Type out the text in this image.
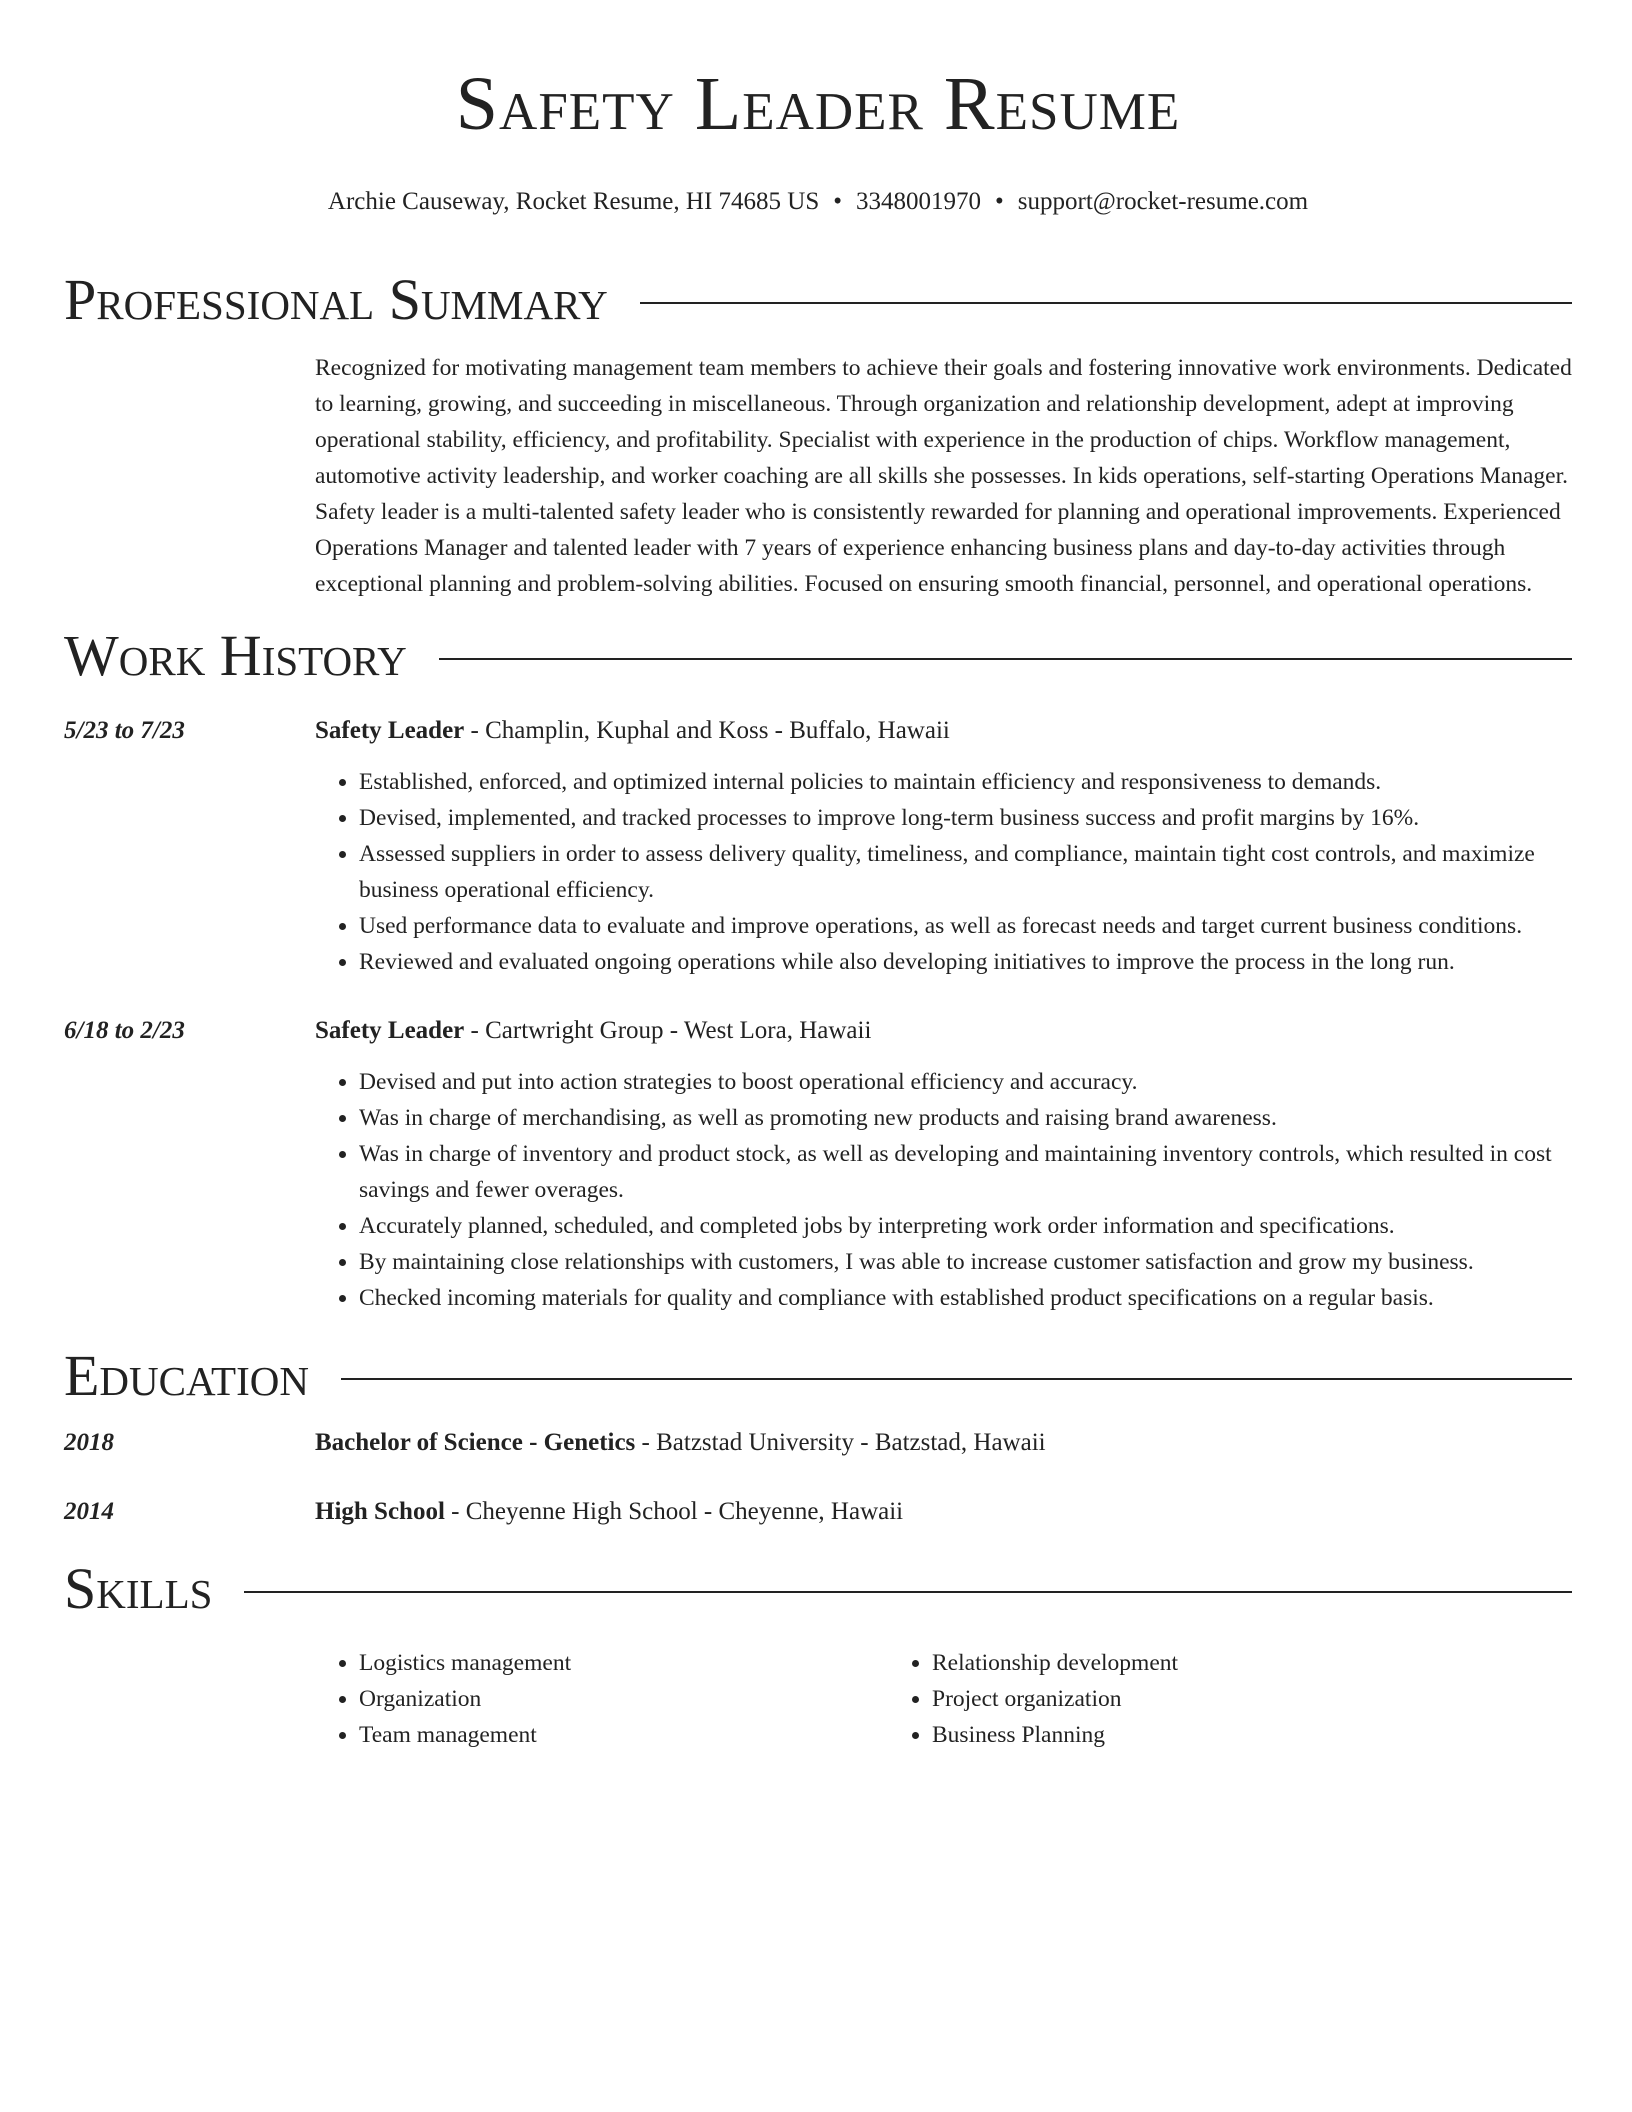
Safety Leader Resume
Archie Causeway, Rocket Resume, HI 74685 US • 3348001970 • support@rocket-resume.com
Professional Summary
Recognized for motivating management team members to achieve their goals and fostering innovative work environments. Dedicated to learning, growing, and succeeding in miscellaneous. Through organization and relationship development, adept at improving operational stability, efficiency, and profitability. Specialist with experience in the production of chips. Workflow management, automotive activity leadership, and worker coaching are all skills she possesses. In kids operations, self-starting Operations Manager. Safety leader is a multi-talented safety leader who is consistently rewarded for planning and operational improvements. Experienced Operations Manager and talented leader with 7 years of experience enhancing business plans and day-to-day activities through exceptional planning and problem-solving abilities. Focused on ensuring smooth financial, personnel, and operational operations.
Work History
5/23 to 7/23	Safety Leader - Champlin, Kuphal and Koss - Buffalo, Hawaii
• Established, enforced, and optimized internal policies to maintain efficiency and responsiveness to demands.
• Devised, implemented, and tracked processes to improve long-term business success and profit margins by 16%.
• Assessed suppliers in order to assess delivery quality, timeliness, and compliance, maintain tight cost controls, and maximize business operational efficiency.
• Used performance data to evaluate and improve operations, as well as forecast needs and target current business conditions.
• Reviewed and evaluated ongoing operations while also developing initiatives to improve the process in the long run.
6/18 to 2/23	Safety Leader - Cartwright Group - West Lora, Hawaii
• Devised and put into action strategies to boost operational efficiency and accuracy.
• Was in charge of merchandising, as well as promoting new products and raising brand awareness.
• Was in charge of inventory and product stock, as well as developing and maintaining inventory controls, which resulted in cost savings and fewer overages.
• Accurately planned, scheduled, and completed jobs by interpreting work order information and specifications.
• By maintaining close relationships with customers, I was able to increase customer satisfaction and grow my business.
• Checked incoming materials for quality and compliance with established product specifications on a regular basis.
Education
2018	Bachelor of Science - Genetics - Batzstad University - Batzstad, Hawaii
2014	High School - Cheyenne High School - Cheyenne, Hawaii
Skills
• Logistics management
• Organization
• Team management
• Relationship development
• Project organization
• Business Planning
